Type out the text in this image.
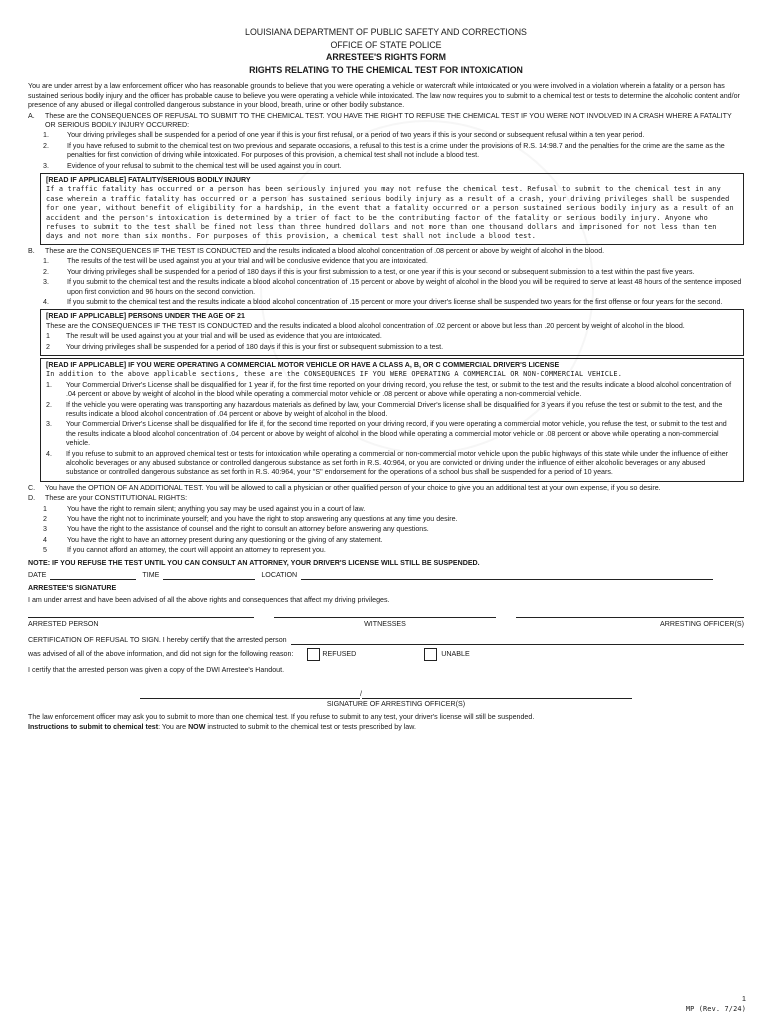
LOUISIANA DEPARTMENT OF PUBLIC SAFETY AND CORRECTIONS
OFFICE OF STATE POLICE
ARRESTEE'S RIGHTS FORM
RIGHTS RELATING TO THE CHEMICAL TEST FOR INTOXICATION
You are under arrest by a law enforcement officer who has reasonable grounds to believe that you were operating a vehicle or watercraft while intoxicated or you were involved in a violation wherein a fatality or a person has sustained serious bodily injury and the officer has probable cause to believe you were operating a vehicle while intoxicated. The law now requires you to submit to a chemical test or tests to determine the alcoholic content and/or presence of any abused or illegal controlled dangerous substance in your blood, breath, urine or other bodily substance.
A.	These are the CONSEQUENCES OF REFUSAL TO SUBMIT TO THE CHEMICAL TEST. YOU HAVE THE RIGHT TO REFUSE THE CHEMICAL TEST IF YOU WERE NOT INVOLVED IN A CRASH WHERE A FATALITY OR SERIOUS BODILY INJURY OCCURRED:
1.	Your driving privileges shall be suspended for a period of one year if this is your first refusal, or a period of two years if this is your second or subsequent refusal within a ten year period.
2.	If you have refused to submit to the chemical test on two previous and separate occasions, a refusal to this test is a crime under the provisions of R.S. 14:98.7 and the penalties for the crime are the same as the penalties for first conviction of driving while intoxicated. For purposes of this provision, a chemical test shall not include a blood test.
3.	Evidence of your refusal to submit to the chemical test will be used against you in court.
[READ IF APPLICABLE] FATALITY/SERIOUS BODILY INJURY
If a traffic fatality has occurred or a person has been seriously injured you may not refuse the chemical test. Refusal to submit to the chemical test in any case wherein a traffic fatality has occurred or a person has sustained serious bodily injury as a result of a crash, your driving privileges shall be suspended for one year, without benefit of eligibility for a hardship, in the event that a fatality occurred or a person sustained serious bodily injury as a result of an accident and the person's intoxication is determined by a trier of fact to be the contributing factor of the fatality or serious bodily injury. Anyone who refuses to submit to the test shall be fined not less than three hundred dollars and not more than one thousand dollars and imprisoned for not less than ten days and not more than six months. For purposes of this provision, a chemical test shall not include a blood test.
B.	These are the CONSEQUENCES IF THE TEST IS CONDUCTED and the results indicated a blood alcohol concentration of .08 percent or above by weight of alcohol in the blood.
1.	The results of the test will be used against you at your trial and will be conclusive evidence that you are intoxicated.
2.	Your driving privileges shall be suspended for a period of 180 days if this is your first submission to a test, or one year if this is your second or subsequent submission to a test within the past five years.
3.	If you submit to the chemical test and the results indicate a blood alcohol concentration of .15 percent or above by weight of alcohol in the blood you will be required to serve at least 48 hours of the sentence imposed upon first conviction and 96 hours on the second conviction.
4.	If you submit to the chemical test and the results indicate a blood alcohol concentration of .15 percent or more your driver's license shall be suspended two years for the first offense or four years for the second.
[READ IF APPLICABLE] PERSONS UNDER THE AGE OF 21
These are the CONSEQUENCES IF THE TEST IS CONDUCTED and the results indicated a blood alcohol concentration of .02 percent or above but less than .20 percent by weight of alcohol in the blood.
1	The result will be used against you at your trial and will be used as evidence that you are intoxicated.
2	Your driving privileges shall be suspended for a period of 180 days if this is your first or subsequent submission to a test.
[READ IF APPLICABLE] IF YOU WERE OPERATING A COMMERCIAL MOTOR VEHICLE OR HAVE A CLASS A, B, OR C COMMERCIAL DRIVER'S LICENSE
In addition to the above applicable sections, these are the CONSEQUENCES IF YOU WERE OPERATING A COMMERCIAL OR NON-COMMERCIAL VEHICLE.
1.	Your Commercial Driver's License shall be disqualified for 1 year if, for the first time reported on your driving record, you refuse the test, or submit to the test and the results indicate a blood alcohol concentration of .04 percent or above by weight of alcohol in the blood while operating a commercial motor vehicle or .08 percent or above while operating a non-commercial vehicle.
2.	If the vehicle you were operating was transporting any hazardous materials as defined by law, your Commercial Driver's license shall be disqualified for 3 years if you refuse the test or submit to the test, and the results indicate a blood alcohol concentration of .04 percent or above by weight of alcohol in the blood.
3.	Your Commercial Driver's License shall be disqualified for life if, for the second time reported on your driving record, if you were operating a commercial motor vehicle, you refuse the test, or submit to the test and the results indicate a blood alcohol concentration of .04 percent or above by weight of alcohol in the blood while operating a commercial motor vehicle or .08 percent or above while operating a non-commercial vehicle.
4.	If you refuse to submit to an approved chemical test or tests for intoxication while operating a commercial or non-commercial motor vehicle upon the public highways of this state while under the influence of either alcoholic beverages or any abused substance or controlled dangerous substance as set forth in R.S. 40:964, or you are convicted or driving under the influence of either alcoholic beverages or any abused substance or controlled dangerous substance as set forth in R.S. 40:964, your "S" endorsement for the operations of a school bus shall be suspended for a period of 10 years.
C.	You have the OPTION OF AN ADDITIONAL TEST. You will be allowed to call a physician or other qualified person of your choice to give you an additional test at your own expense, if you so desire.
D.	These are your CONSTITUTIONAL RIGHTS:
1	You have the right to remain silent; anything you say may be used against you in a court of law.
2	You have the right not to incriminate yourself; and you have the right to stop answering any questions at any time you desire.
3	You have the right to the assistance of counsel and the right to consult an attorney before answering any questions.
4	You have the right to have an attorney present during any questioning or the giving of any statement.
5	If you cannot afford an attorney, the court will appoint an attorney to represent you.
NOTE: IF YOU REFUSE THE TEST UNTIL YOU CAN CONSULT AN ATTORNEY, YOUR DRIVER'S LICENSE WILL STILL BE SUSPENDED.
DATE	TIME	LOCATION
ARRESTEE'S SIGNATURE
I am under arrest and have been advised of all the above rights and consequences that affect my driving privileges.
ARRESTED PERSON	WITNESSES	ARRESTING OFFICER(S)
CERTIFICATION OF REFUSAL TO SIGN. I hereby certify that the arrested person
was advised of all of the above information, and did not sign for the following reason:	REFUSED	UNABLE
I certify that the arrested person was given a copy of the DWI Arrestee's Handout.
/
SIGNATURE OF ARRESTING OFFICER(S)
The law enforcement officer may ask you to submit to more than one chemical test. If you refuse to submit to any test, your driver's license will still be suspended.
Instructions to submit to chemical test: You are NOW instructed to submit to the chemical test or tests prescribed by law.
1
MP (Rev. 7/24)
